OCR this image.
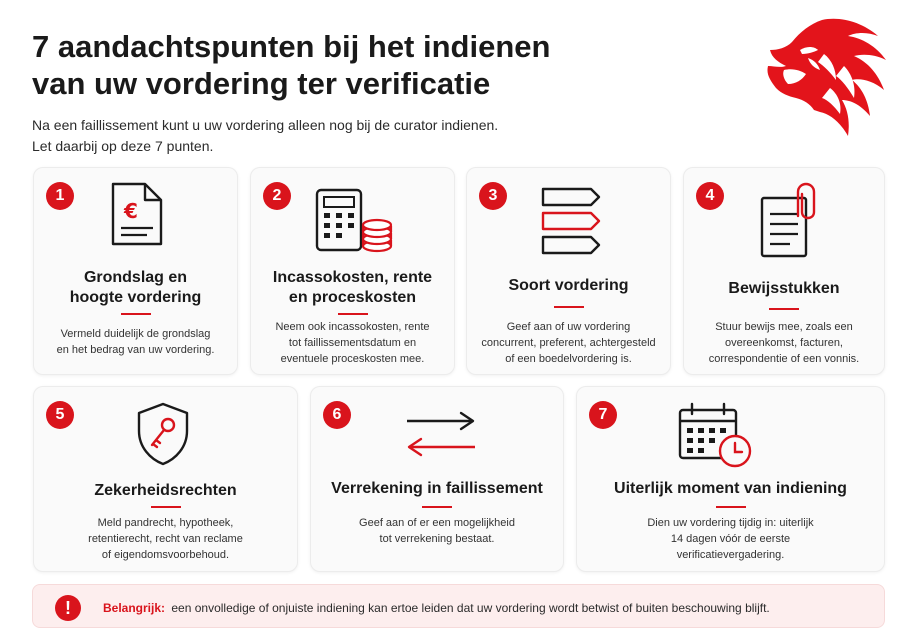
7 aandachtspunten bij het indienen
van uw vordering ter verificatie
Na een faillissement kunt u uw vordering alleen nog bij de curator indienen.
Let daarbij op deze 7 punten.
1
€
Grondslag en
hoogte vordering
Vermeld duidelijk de grondslag
en het bedrag van uw vordering.
2
Incassokosten, rente
en proceskosten
Neem ook incassokosten, rente
tot faillissementsdatum en
eventuele proceskosten mee.
3
Soort vordering
Geef aan of uw vordering
concurrent, preferent, achtergesteld
of een boedelvordering is.
4
Bewijsstukken
Stuur bewijs mee, zoals een
overeenkomst, facturen,
correspondentie of een vonnis.
5
Zekerheidsrechten
Meld pandrecht, hypotheek,
retentierecht, recht van reclame
of eigendomsvoorbehoud.
6
Verrekening in faillissement
Geef aan of er een mogelijkheid
tot verrekening bestaat.
7
Uiterlijk moment van indiening
Dien uw vordering tijdig in: uiterlijk
14 dagen vóór de eerste
verificatievergadering.
!	Belangrijk: een onvolledige of onjuiste indiening kan ertoe leiden dat uw vordering wordt betwist of buiten beschouwing blijft.
